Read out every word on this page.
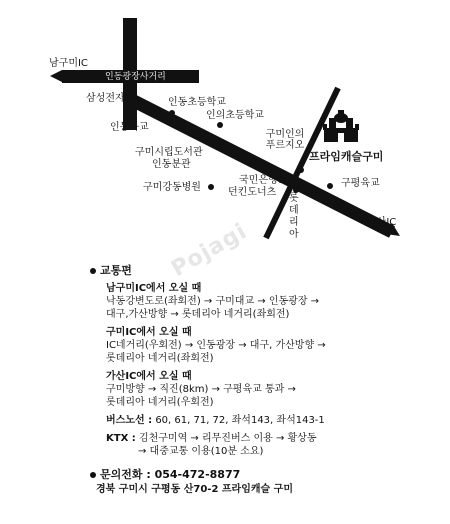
남구미IC
인동광장사거리
삼성전자	인동초등학교
인의초등학교
인동육교
구미인의 푸르지오
프라임캐슬구미
구미시립도서관
인동분관
국민은행
던킨도너츠
롯데리아
구평육교
구미강동병원
가산IC
Pojagi
교통편
남구미IC에서 오실 때
낙동강변도로(좌회전) → 구미대교 → 인동광장 →
대구,가산방향 → 롯데리아 네거리(좌회전)
구미IC에서 오실 때
IC네거리(우회전) → 인동광장 → 대구, 가산방향 →
롯데리아 네거리(좌회전)
가산IC에서 오실 때
구미방향 → 직진(8km) → 구평육교 통과 →
롯데리아 네거리(우회전)
버스노선 : 60, 61, 71, 72, 좌석143, 좌석143-1
KTX : 김천구미역 → 리무진버스 이용 → 황상동
→ 대중교통 이용(10분 소요)
문의전화 : 054-472-8877
경북 구미시 구평동 산70-2 프라임캐슬 구미
